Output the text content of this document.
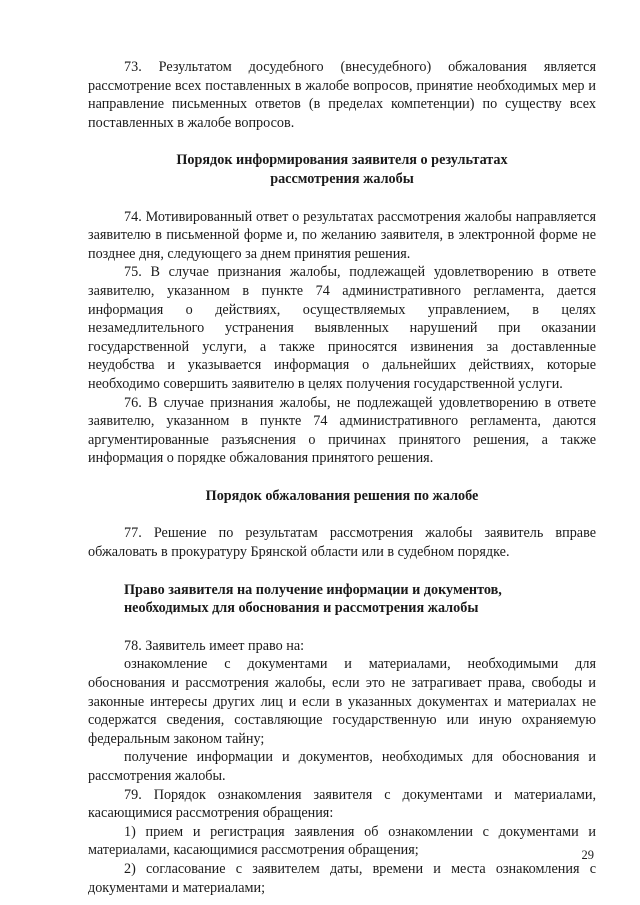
73. Результатом досудебного (внесудебного) обжалования является рассмотрение всех поставленных в жалобе вопросов, принятие необходимых мер и направление письменных ответов (в пределах компетенции) по существу всех поставленных в жалобе вопросов.

Порядок информирования заявителя о результатах рассмотрения жалобы

74. Мотивированный ответ о результатах рассмотрения жалобы направляется заявителю в письменной форме и, по желанию заявителя, в электронной форме не позднее дня, следующего за днем принятия решения.

75. В случае признания жалобы, подлежащей удовлетворению в ответе заявителю, указанном в пункте 74 административного регламента, дается информация о действиях, осуществляемых управлением, в целях незамедлительного устранения выявленных нарушений при оказании государственной услуги, а также приносятся извинения за доставленные неудобства и указывается информация о дальнейших действиях, которые необходимо совершить заявителю в целях получения государственной услуги.

76. В случае признания жалобы, не подлежащей удовлетворению в ответе заявителю, указанном в пункте 74 административного регламента, даются аргументированные разъяснения о причинах принятого решения, а также информация о порядке обжалования принятого решения.

Порядок обжалования решения по жалобе

77. Решение по результатам рассмотрения жалобы заявитель вправе обжаловать в прокуратуру Брянской области или в судебном порядке.

Право заявителя на получение информации и документов, необходимых для обоснования и рассмотрения жалобы

78. Заявитель имеет право на:

ознакомление с документами и материалами, необходимыми для обоснования и рассмотрения жалобы, если это не затрагивает права, свободы и законные интересы других лиц и если в указанных документах и материалах не содержатся сведения, составляющие государственную или иную охраняемую федеральным законом тайну;

получение информации и документов, необходимых для обоснования и рассмотрения жалобы.

79. Порядок ознакомления заявителя с документами и материалами, касающимися рассмотрения обращения:

1) прием и регистрация заявления об ознакомлении с документами и материалами, касающимися рассмотрения обращения;

2) согласование с заявителем даты, времени и места ознакомления с документами и материалами;

29
